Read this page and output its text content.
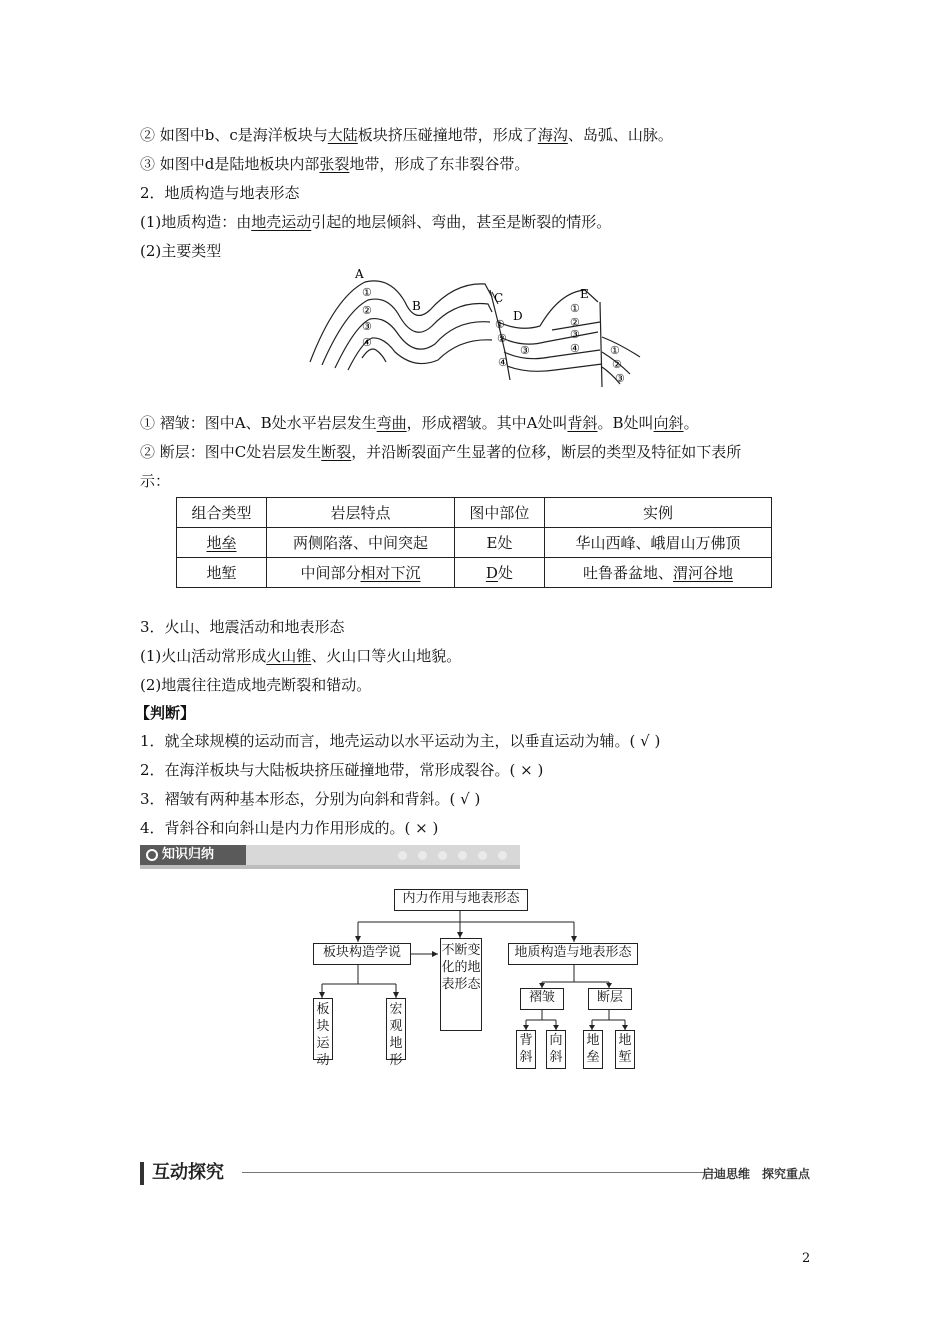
② 如图中b、c是海洋板块与大陆板块挤压碰撞地带，形成了海沟、岛弧、山脉。
③ 如图中d是陆地板块内部张裂地带，形成了东非裂谷带。
2．地质构造与地表形态
(1)地质构造：由地壳运动引起的地层倾斜、弯曲，甚至是断裂的情形。
(2)主要类型
A
B
C
D
E
①
②
③
④
①
②
③
④
①
②
③
④	①
②
③
④
① 褶皱：图中A、B处水平岩层发生弯曲，形成褶皱。其中A处叫背斜。B处叫向斜。
② 断层：图中C处岩层发生断裂，并沿断裂面产生显著的位移，断层的类型及特征如下表所
示：
组合类型	岩层特点	图中部位	实例
地垒	两侧陷落、中间突起	E处	华山西峰、峨眉山万佛顶
地堑	中间部分相对下沉	D处	吐鲁番盆地、渭河谷地
3．火山、地震活动和地表形态
(1)火山活动常形成火山锥、火山口等火山地貌。
(2)地震往往造成地壳断裂和错动。
【判断】
1．就全球规模的运动而言，地壳运动以水平运动为主，以垂直运动为辅。( √ )
2．在海洋板块与大陆板块挤压碰撞地带，常形成裂谷。( × )
3．褶皱有两种基本形态，分别为向斜和背斜。( √ )
4．背斜谷和向斜山是内力作用形成的。( × )
知识归纳
内力作用与地表形态
板块构造学说	不断变化的地表形态
地质构造与地表形态
板块运动
宏观地形
褶皱	断层
背斜
向斜
地垒
地堑
互动探究	启迪思维　探究重点
2
